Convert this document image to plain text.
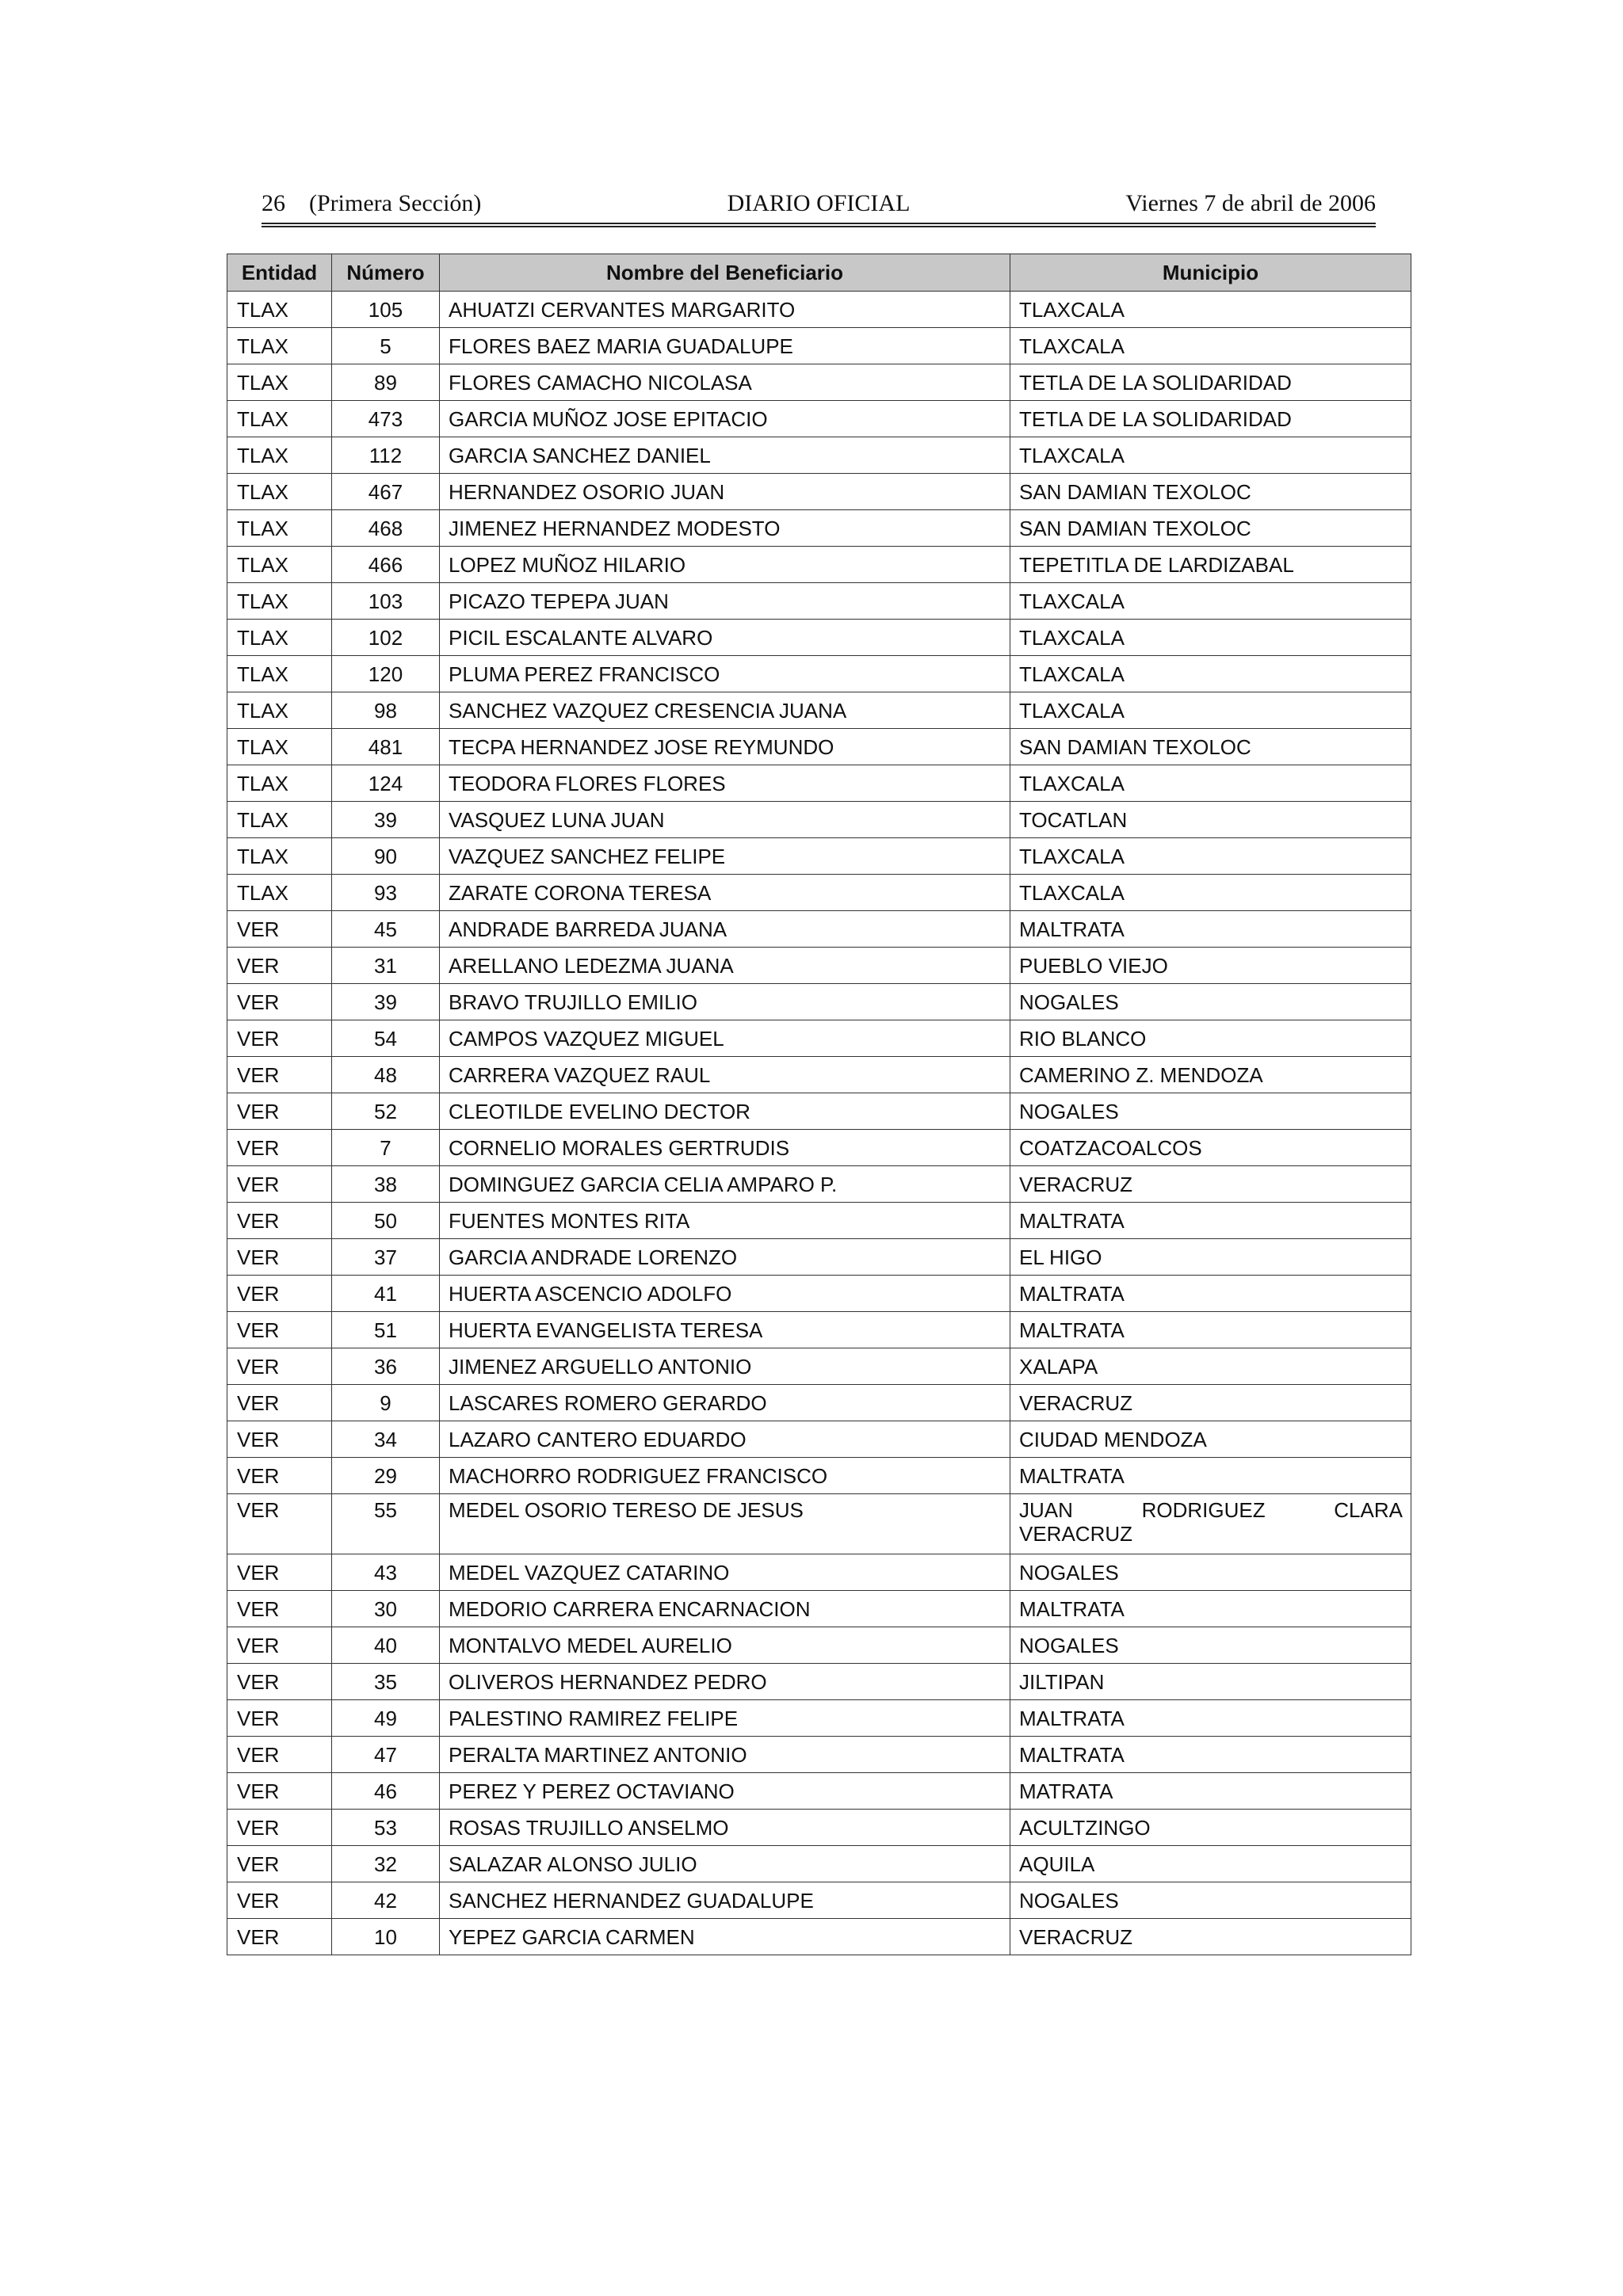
26 (Primera Sección)	DIARIO OFICIAL	Viernes 7 de abril de 2006
Entidad	Número	Nombre del Beneficiario	Municipio
TLAX	105	AHUATZI CERVANTES MARGARITO	TLAXCALA
TLAX	5	FLORES BAEZ MARIA GUADALUPE	TLAXCALA
TLAX	89	FLORES CAMACHO NICOLASA	TETLA DE LA SOLIDARIDAD
TLAX	473	GARCIA MUÑOZ JOSE EPITACIO	TETLA DE LA SOLIDARIDAD
TLAX	112	GARCIA SANCHEZ DANIEL	TLAXCALA
TLAX	467	HERNANDEZ OSORIO JUAN	SAN DAMIAN TEXOLOC
TLAX	468	JIMENEZ HERNANDEZ MODESTO	SAN DAMIAN TEXOLOC
TLAX	466	LOPEZ MUÑOZ HILARIO	TEPETITLA DE LARDIZABAL
TLAX	103	PICAZO TEPEPA JUAN	TLAXCALA
TLAX	102	PICIL ESCALANTE ALVARO	TLAXCALA
TLAX	120	PLUMA PEREZ FRANCISCO	TLAXCALA
TLAX	98	SANCHEZ VAZQUEZ CRESENCIA JUANA	TLAXCALA
TLAX	481	TECPA HERNANDEZ JOSE REYMUNDO	SAN DAMIAN TEXOLOC
TLAX	124	TEODORA FLORES FLORES	TLAXCALA
TLAX	39	VASQUEZ LUNA JUAN	TOCATLAN
TLAX	90	VAZQUEZ SANCHEZ FELIPE	TLAXCALA
TLAX	93	ZARATE CORONA TERESA	TLAXCALA
VER	45	ANDRADE BARREDA JUANA	MALTRATA
VER	31	ARELLANO LEDEZMA JUANA	PUEBLO VIEJO
VER	39	BRAVO TRUJILLO EMILIO	NOGALES
VER	54	CAMPOS VAZQUEZ MIGUEL	RIO BLANCO
VER	48	CARRERA VAZQUEZ RAUL	CAMERINO Z. MENDOZA
VER	52	CLEOTILDE EVELINO DECTOR	NOGALES
VER	7	CORNELIO MORALES GERTRUDIS	COATZACOALCOS
VER	38	DOMINGUEZ GARCIA CELIA AMPARO P.	VERACRUZ
VER	50	FUENTES MONTES RITA	MALTRATA
VER	37	GARCIA ANDRADE LORENZO	EL HIGO
VER	41	HUERTA ASCENCIO ADOLFO	MALTRATA
VER	51	HUERTA EVANGELISTA TERESA	MALTRATA
VER	36	JIMENEZ ARGUELLO ANTONIO	XALAPA
VER	9	LASCARES ROMERO GERARDO	VERACRUZ
VER	34	LAZARO CANTERO EDUARDO	CIUDAD MENDOZA
VER	29	MACHORRO RODRIGUEZ FRANCISCO	MALTRATA
VER	55	MEDEL OSORIO TERESO DE JESUS	JUAN RODRIGUEZ CLARA
VERACRUZ

VER	43	MEDEL VAZQUEZ CATARINO	NOGALES
VER	30	MEDORIO CARRERA ENCARNACION	MALTRATA
VER	40	MONTALVO MEDEL AURELIO	NOGALES
VER	35	OLIVEROS HERNANDEZ PEDRO	JILTIPAN
VER	49	PALESTINO RAMIREZ FELIPE	MALTRATA
VER	47	PERALTA MARTINEZ ANTONIO	MALTRATA
VER	46	PEREZ Y PEREZ OCTAVIANO	MATRATA
VER	53	ROSAS TRUJILLO ANSELMO	ACULTZINGO
VER	32	SALAZAR ALONSO JULIO	AQUILA
VER	42	SANCHEZ HERNANDEZ GUADALUPE	NOGALES
VER	10	YEPEZ GARCIA CARMEN	VERACRUZ
